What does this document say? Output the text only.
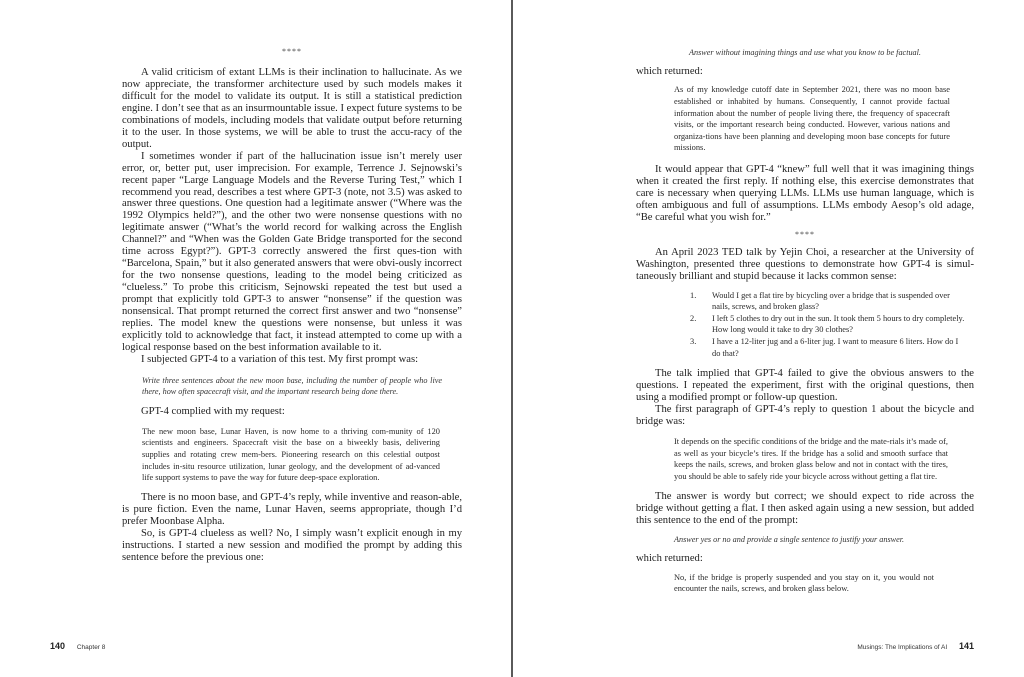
****

A valid criticism of extant LLMs is their inclination to hallucinate. As we now appreciate, the transformer architecture used by such models makes it difficult for the model to validate its output. It is still a statistical prediction engine. I don’t see that as an insurmountable issue. I expect future systems to be combinations of models, including models that validate output before returning it to the user. In those systems, we will be able to trust the accu-racy of the output.

I sometimes wonder if part of the hallucination issue isn’t merely user error, or, better put, user imprecision. For example, Terrence J. Sejnowski’s recent paper “Large Language Models and the Reverse Turing Test,” which I recommend you read, describes a test where GPT-3 (note, not 3.5) was asked to answer three questions. One question had a legitimate answer (“Where was the 1992 Olympics held?”), and the other two were nonsense questions with no legitimate answer (“What’s the world record for walking across the English Channel?” and “When was the Golden Gate Bridge transported for the second time across Egypt?”). GPT-3 correctly answered the first ques-tion with “Barcelona, Spain,” but it also generated answers that were obvi-ously incorrect for the two nonsense questions, leading to the model being criticized as “clueless.” To probe this criticism, Sejnowski repeated the test but used a prompt that explicitly told GPT-3 to answer “nonsense” if the question was nonsensical. That prompt returned the correct first answer and two “nonsense” replies. The model knew the questions were nonsense, but unless it was explicitly told to acknowledge that fact, it instead attempted to come up with a logical response based on the best information available to it.

I subjected GPT-4 to a variation of this test. My first prompt was:

Write three sentences about the new moon base, including the number of people who live there, how often spacecraft visit, and the important research being done there.

GPT-4 complied with my request:

The new moon base, Lunar Haven, is now home to a thriving com-munity of 120 scientists and engineers. Spacecraft visit the base on a biweekly basis, delivering supplies and rotating crew mem-bers. Pioneering research on this celestial outpost includes in-situ resource utilization, lunar geology, and the development of ad-vanced life support systems to pave the way for future deep-space exploration.

There is no moon base, and GPT-4’s reply, while inventive and reason-able, is pure fiction. Even the name, Lunar Haven, seems appropriate, though I’d prefer Moonbase Alpha.

So, is GPT-4 clueless as well? No, I simply wasn’t explicit enough in my instructions. I started a new session and modified the prompt by adding this sentence before the previous one:

140 Chapter 8
Answer without imagining things and use what you know to be factual.

which returned:

As of my knowledge cutoff date in September 2021, there was no moon base established or inhabited by humans. Consequently, I cannot provide factual information about the number of people living there, the frequency of spacecraft visits, or the important research being conducted. However, various nations and organiza-tions have been planning and developing moon base concepts for future missions.

It would appear that GPT-4 “knew” full well that it was imagining things when it created the first reply. If nothing else, this exercise demonstrates that care is necessary when querying LLMs. LLMs use human language, which is often ambiguous and full of assumptions. LLMs embody Aesop’s old adage, “Be careful what you wish for.”

****

An April 2023 TED talk by Yejin Choi, a researcher at the University of Washington, presented three questions to demonstrate how GPT-4 is simul-taneously brilliant and stupid because it lacks common sense:

1. Would I get a flat tire by bicycling over a bridge that is suspended over nails, screws, and broken glass?
2. I left 5 clothes to dry out in the sun. It took them 5 hours to dry completely. How long would it take to dry 30 clothes?
3. I have a 12-liter jug and a 6-liter jug. I want to measure 6 liters. How do I do that?

The talk implied that GPT-4 failed to give the obvious answers to the questions. I repeated the experiment, first with the original questions, then using a modified prompt or follow-up question.

The first paragraph of GPT-4’s reply to question 1 about the bicycle and bridge was:

It depends on the specific conditions of the bridge and the mate-rials it’s made of, as well as your bicycle’s tires. If the bridge has a solid and smooth surface that keeps the nails, screws, and broken glass below and not in contact with the tires, you should be able to safely ride your bicycle across without getting a flat tire.

The answer is wordy but correct; we should expect to ride across the bridge without getting a flat. I then asked again using a new session, but added this sentence to the end of the prompt:

Answer yes or no and provide a single sentence to justify your answer.

which returned:

No, if the bridge is properly suspended and you stay on it, you would not encounter the nails, screws, and broken glass below.
Musings: The Implications of AI 141
